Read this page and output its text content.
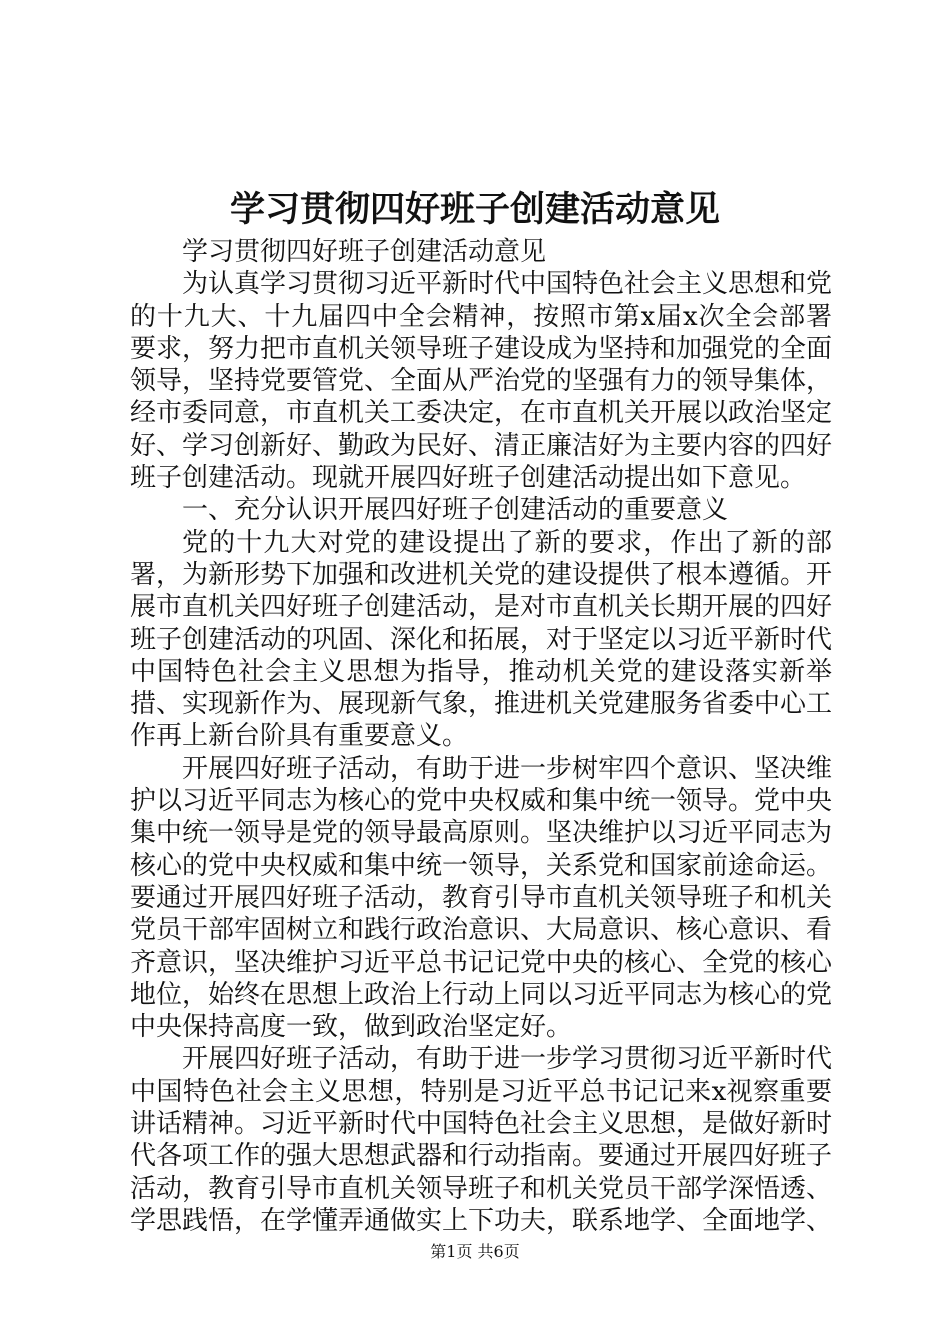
学习贯彻四好班子创建活动意见

学习贯彻四好班子创建活动意见

为认真学习贯彻习近平新时代中国特色社会主义思想和党的十九大、十九届四中全会精神，按照市第x届x次全会部署要求，努力把市直机关领导班子建设成为坚持和加强党的全面领导，坚持党要管党、全面从严治党的坚强有力的领导集体，经市委同意，市直机关工委决定，在市直机关开展以政治坚定好、学习创新好、勤政为民好、清正廉洁好为主要内容的四好班子创建活动。现就开展四好班子创建活动提出如下意见。

一、充分认识开展四好班子创建活动的重要意义

党的十九大对党的建设提出了新的要求，作出了新的部署，为新形势下加强和改进机关党的建设提供了根本遵循。开展市直机关四好班子创建活动，是对市直机关长期开展的四好班子创建活动的巩固、深化和拓展，对于坚定以习近平新时代中国特色社会主义思想为指导，推动机关党的建设落实新举措、实现新作为、展现新气象，推进机关党建服务省委中心工作再上新台阶具有重要意义。

开展四好班子活动，有助于进一步树牢四个意识、坚决维护以习近平同志为核心的党中央权威和集中统一领导。党中央集中统一领导是党的领导最高原则。坚决维护以习近平同志为核心的党中央权威和集中统一领导，关系党和国家前途命运。要通过开展四好班子活动，教育引导市直机关领导班子和机关党员干部牢固树立和践行政治意识、大局意识、核心意识、看齐意识，坚决维护习近平总书记记党中央的核心、全党的核心地位，始终在思想上政治上行动上同以习近平同志为核心的党中央保持高度一致，做到政治坚定好。

开展四好班子活动，有助于进一步学习贯彻习近平新时代中国特色社会主义思想，特别是习近平总书记记来x视察重要讲话精神。习近平新时代中国特色社会主义思想，是做好新时代各项工作的强大思想武器和行动指南。要通过开展四好班子活动，教育引导市直机关领导班子和机关党员干部学深悟透、学思践悟，在学懂弄通做实上下功夫，联系地学、全面地学、

第1页 共6页
